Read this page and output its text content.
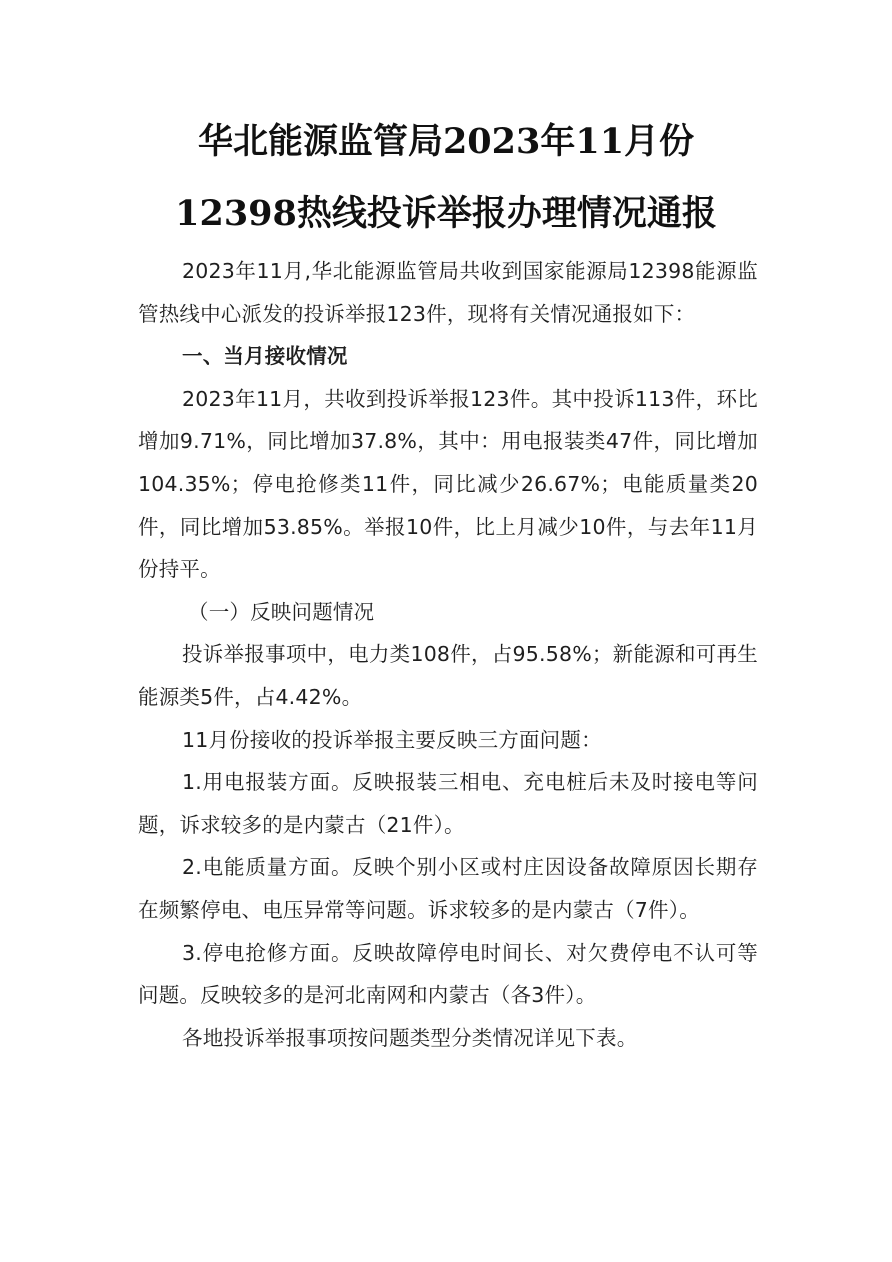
华北能源监管局2023年11月份
12398热线投诉举报办理情况通报

2023年11月,华北能源监管局共收到国家能源局12398能源监管热线中心派发的投诉举报123件，现将有关情况通报如下：

一、当月接收情况

2023年11月，共收到投诉举报123件。其中投诉113件，环比增加9.71%，同比增加37.8%，其中：用电报装类47件，同比增加104.35%；停电抢修类11件，同比减少26.67%；电能质量类20件，同比增加53.85%。举报10件，比上月减少10件，与去年11月份持平。

（一）反映问题情况

投诉举报事项中，电力类108件，占95.58%；新能源和可再生能源类5件，占4.42%。

11月份接收的投诉举报主要反映三方面问题：

1.用电报装方面。反映报装三相电、充电桩后未及时接电等问题，诉求较多的是内蒙古（21件）。

2.电能质量方面。反映个别小区或村庄因设备故障原因长期存在频繁停电、电压异常等问题。诉求较多的是内蒙古（7件）。

3.停电抢修方面。反映故障停电时间长、对欠费停电不认可等问题。反映较多的是河北南网和内蒙古（各3件）。

各地投诉举报事项按问题类型分类情况详见下表。
